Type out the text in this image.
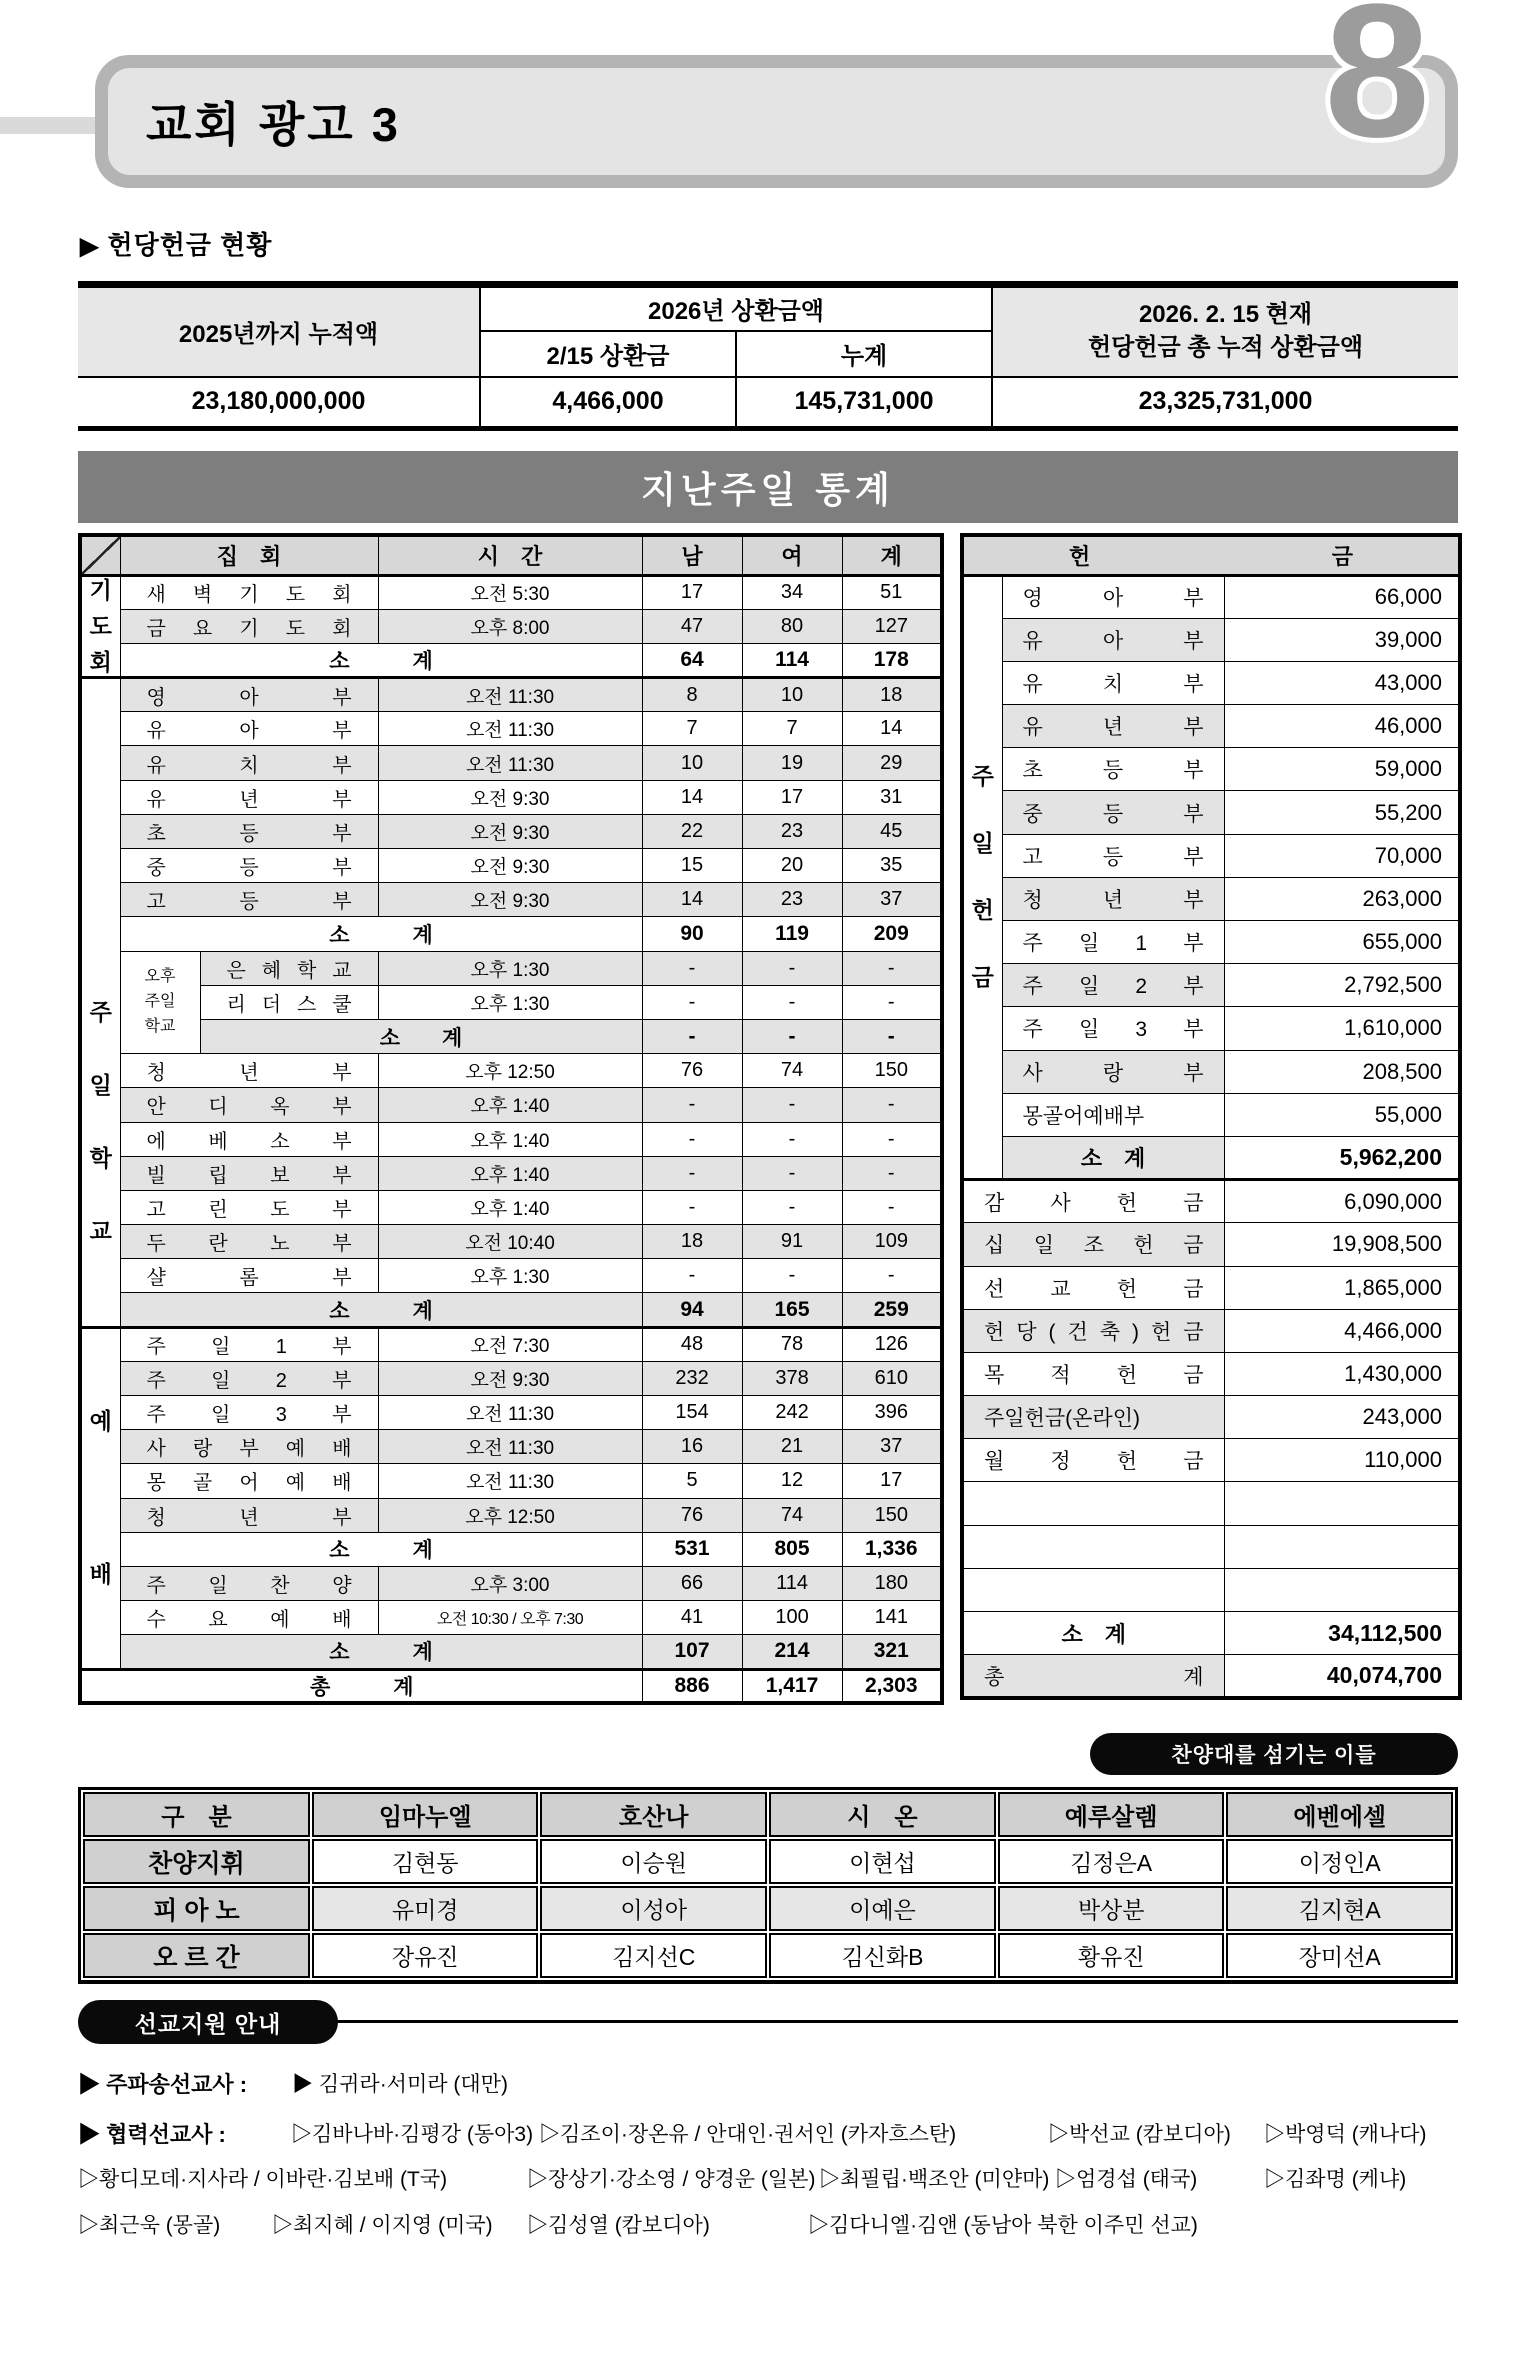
교회 광고 3	8
▶ 헌당헌금 현황
2025년까지 누적액	2026년 상환금액		2026. 2. 15 현재
헌당헌금 총 누적 상환금액

	2/15 상환금	누계	
23,180,000,000	4,466,000	145,731,000	23,325,731,000
지난주일 통계
	집　회		시　간	남	여	계

기
도
회	새 벽 기 도 회		오전 5:30	17	34	51
	금 요 기 도 회		오후 8:00	47	80	127
	소　　　계			64	114	178

주
일
학
교	영 아 부		오전 11:30	8	10	18
	유 아 부		오전 11:30	7	7	14
	유 치 부		오전 11:30	10	19	29
	유 년 부		오전 9:30	14	17	31
	초 등 부		오전 9:30	22	23	45
	중 등 부		오전 9:30	15	20	35
	고 등 부		오전 9:30	14	23	37
	소　　　계			90	119	209

	오후
주일
학교	은 혜 학 교	오후 1:30	-	-	-
		리 더 스 쿨	오후 1:30	-	-	-
		소　　계		-	-	-
	청 년 부		오후 12:50	76	74	150
	안 디 옥 부		오후 1:40	-	-	-
	에 베 소 부		오후 1:40	-	-	-
	빌 립 보 부		오후 1:40	-	-	-
	고 린 도 부		오후 1:40	-	-	-
	두 란 노 부		오전 10:40	18	91	109
	샬 롬 부		오후 1:30	-	-	-
	소　　　계			94	165	259

예
배	주 일 1 부		오전 7:30	48	78	126
	주 일 2 부		오전 9:30	232	378	610
	주 일 3 부		오전 11:30	154	242	396
	사 랑 부 예 배		오전 11:30	16	21	37
	몽 골 어 예 배		오전 11:30	5	12	17
	청 년 부		오후 12:50	76	74	150
	소　　　계			531	805	1,336
	주 일 찬 양		오후 3:00	66	114	180
	수 요 예 배		오전 10:30 / 오후 7:30	41	100	141
	소　　　계			107	214	321
총　　　계				886	1,417	2,303
헌　　　　　　　　금		

주
일
헌
금	영 아 부	66,000
	유 아 부	39,000
	유 치 부	43,000
	유 년 부	46,000
	초 등 부	59,000
	중 등 부	55,200
	고 등 부	70,000
	청 년 부	263,000
	주 일 1 부	655,000
	주 일 2 부	2,792,500
	주 일 3 부	1,610,000
	사 랑 부	208,500
	몽골어예배부	55,000
	소　계	5,962,200
감 사 헌 금		6,090,000
십 일 조 헌 금		19,908,500
선 교 헌 금		1,865,000
헌 당 ( 건 축 ) 헌 금		4,466,000
목 적 헌 금		1,430,000
주일헌금(온라인)		243,000
월 정 헌 금		110,000

소　계		34,112,500
총　계		40,074,700
찬양대를 섬기는 이들
구　분	임마누엘	호산나	시　온	예루살렘	에벤에셀
찬양지휘	김현동	이승원	이현섭	김정은A	이정인A
피 아 노	유미경	이성아	이예은	박상분	김지현A
오 르 간	장유진	김지선C	김신화B	황유진	장미선A
선교지원 안내
▶ 주파송선교사 : ▶ 김귀라·서미라 (대만)
▶ 협력선교사 :	▷김바나바·김평강 (동아3) ▷김조이·장온유 / 안대인·권서인 (카자흐스탄)	▷박선교 (캄보디아) ▷박영덕 (캐나다)
▷황디모데·지사라 / 이바란·김보배 (T국)	▷장상기·강소영 / 양경운 (일본) ▷최필립·백조안 (미얀마) ▷엄경섭 (태국)	▷김좌명 (케냐)
▷최근욱 (몽골) ▷최지혜 / 이지영 (미국) ▷김성열 (캄보디아)	▷김다니엘·김앤 (동남아 북한 이주민 선교)
